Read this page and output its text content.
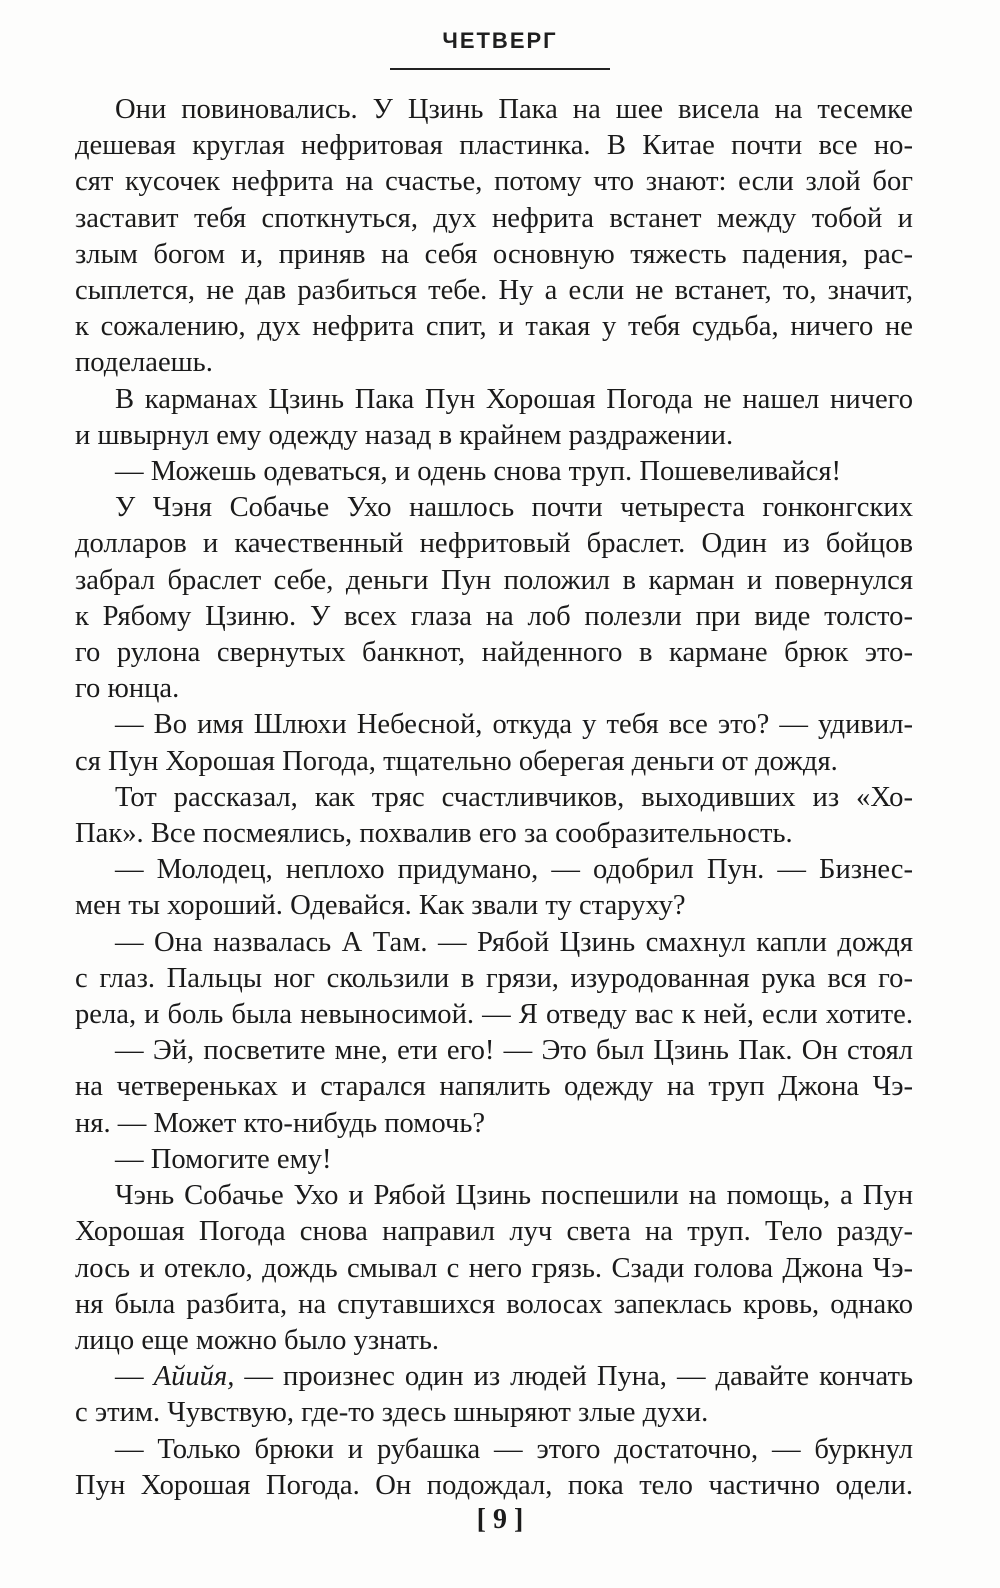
ЧЕТВЕРГ
Они повиновались. У Цзинь Пака на шее висела на тесемке
дешевая круглая нефритовая пластинка. В Китае почти все но-
сят кусочек нефрита на счастье, потому что знают: если злой бог
заставит тебя споткнуться, дух нефрита встанет между тобой и
злым богом и, приняв на себя основную тяжесть падения, рас-
сыплется, не дав разбиться тебе. Ну а если не встанет, то, значит,
к сожалению, дух нефрита спит, и такая у тебя судьба, ничего не
поделаешь.
В карманах Цзинь Пака Пун Хорошая Погода не нашел ничего
и швырнул ему одежду назад в крайнем раздражении.
— Можешь одеваться, и одень снова труп. Пошевеливайся!
У Чэня Собачье Ухо нашлось почти четыреста гонконгских
долларов и качественный нефритовый браслет. Один из бойцов
забрал браслет себе, деньги Пун положил в карман и повернулся
к Рябому Цзиню. У всех глаза на лоб полезли при виде толсто-
го рулона свернутых банкнот, найденного в кармане брюк это-
го юнца.
— Во имя Шлюхи Небесной, откуда у тебя все это? — удивил-
ся Пун Хорошая Погода, тщательно оберегая деньги от дождя.
Тот рассказал, как тряс счастливчиков, выходивших из «Хо-
Пак». Все посмеялись, похвалив его за сообразительность.
— Молодец, неплохо придумано, — одобрил Пун. — Бизнес-
мен ты хороший. Одевайся. Как звали ту старуху?
— Она назвалась А Там. — Рябой Цзинь смахнул капли дождя
с глаз. Пальцы ног скользили в грязи, изуродованная рука вся го-
рела, и боль была невыносимой. — Я отведу вас к ней, если хотите.
— Эй, посветите мне, ети его! — Это был Цзинь Пак. Он стоял
на четвереньках и старался напялить одежду на труп Джона Чэ-
ня. — Может кто-нибудь помочь?
— Помогите ему!
Чэнь Собачье Ухо и Рябой Цзинь поспешили на помощь, а Пун
Хорошая Погода снова направил луч света на труп. Тело разду-
лось и отекло, дождь смывал с него грязь. Сзади голова Джона Чэ-
ня была разбита, на спутавшихся волосах запеклась кровь, однако
лицо еще можно было узнать.
— Айийя, — произнес один из людей Пуна, — давайте кончать
с этим. Чувствую, где-то здесь шныряют злые духи.
— Только брюки и рубашка — этого достаточно, — буркнул
Пун Хорошая Погода. Он подождал, пока тело частично одели.
[ 9 ]
